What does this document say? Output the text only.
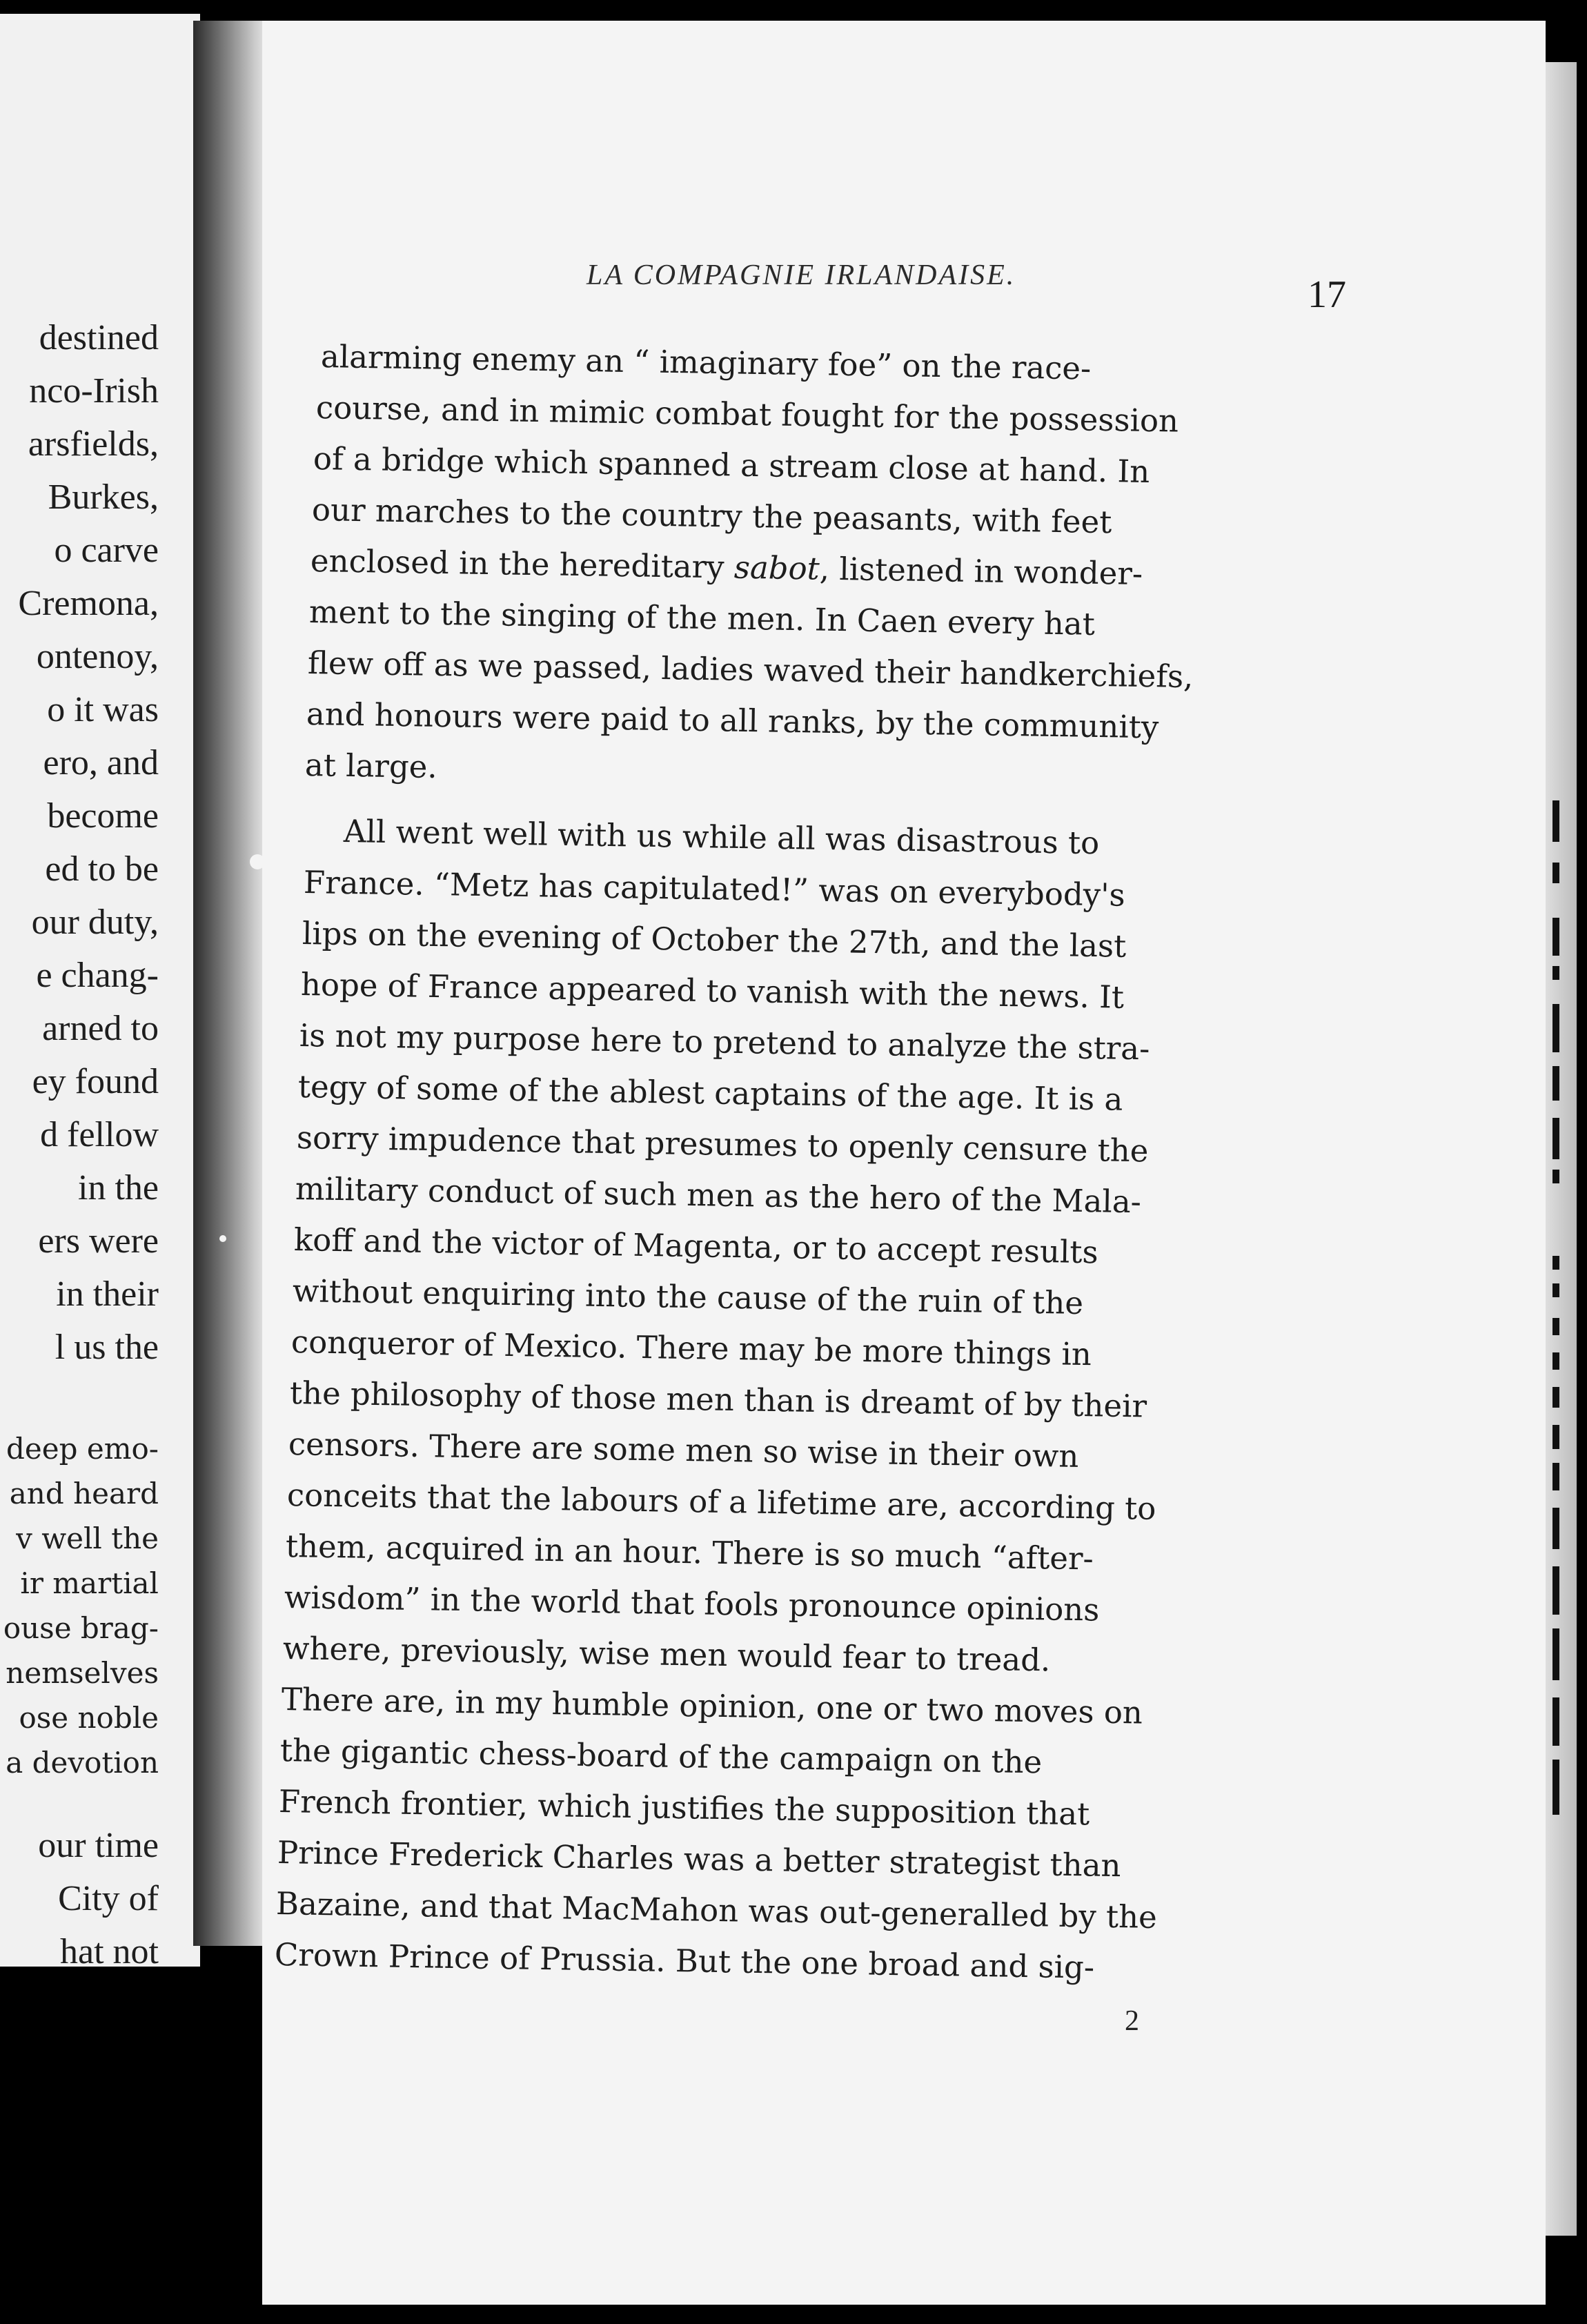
destined
nco-Irish
arsfields,
Burkes,
o carve
Cremona,
ontenoy,
o it was
ero, and
become
ed to be
our duty,
e chang-
arned to
ey found
d fellow
in the
ers were
in their
l us the
deep emo-
and heard
v well the
ir martial
ouse brag-
nemselves
ose noble
a devotion
our time
City of
hat not
LA COMPAGNIE IRLANDAISE.	17
alarming enemy an “ imaginary foe” on the race-
course, and in mimic combat fought for the possession
of a bridge which spanned a stream close at hand. In
our marches to the country the peasants, with feet
enclosed in the hereditary sabot, listened in wonder-
ment to the singing of the men. In Caen every hat
flew off as we passed, ladies waved their handkerchiefs,
and honours were paid to all ranks, by the community
at large.
All went well with us while all was disastrous to
France. “Metz has capitulated!” was on everybody's
lips on the evening of October the 27th, and the last
hope of France appeared to vanish with the news. It
is not my purpose here to pretend to analyze the stra-
tegy of some of the ablest captains of the age. It is a
sorry impudence that presumes to openly censure the
military conduct of such men as the hero of the Mala-
koff and the victor of Magenta, or to accept results
without enquiring into the cause of the ruin of the
conqueror of Mexico. There may be more things in
the philosophy of those men than is dreamt of by their
censors. There are some men so wise in their own
conceits that the labours of a lifetime are, according to
them, acquired in an hour. There is so much “after-
wisdom” in the world that fools pronounce opinions
where, previously, wise men would fear to tread.
There are, in my humble opinion, one or two moves on
the gigantic chess-board of the campaign on the
French frontier, which justifies the supposition that
Prince Frederick Charles was a better strategist than
Bazaine, and that MacMahon was out-generalled by the
Crown Prince of Prussia. But the one broad and sig-
2
